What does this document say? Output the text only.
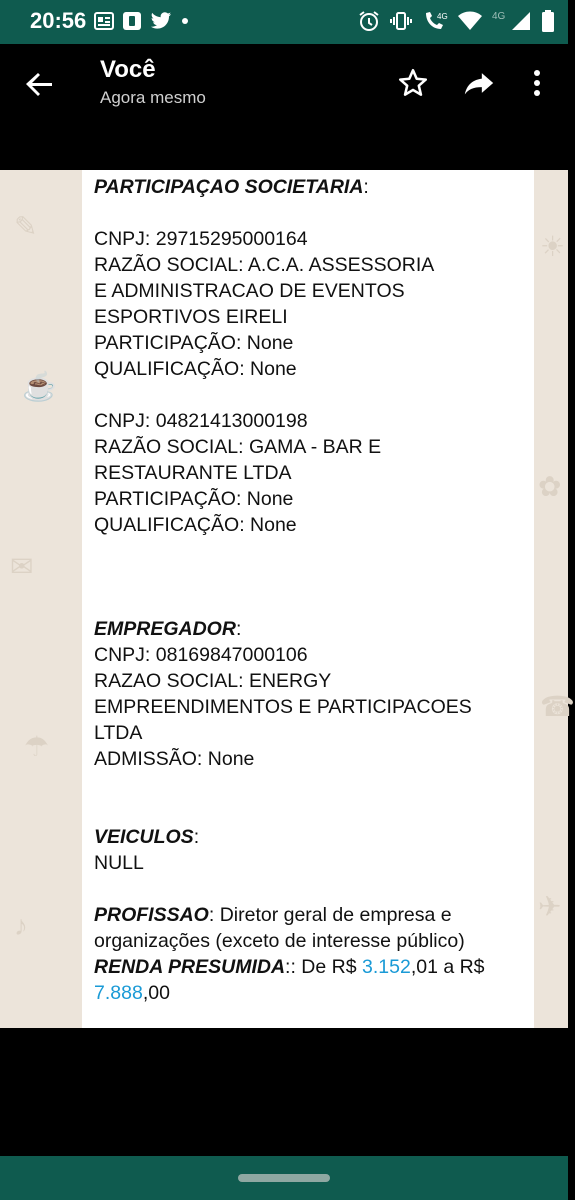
20:56	4G	4G
Você
Agora mesmo
✎
☕
✉
☂
♪
☀
✿
☎
✈
PARTICIPAÇAO SOCIETARIA:
CNPJ: 29715295000164
RAZÃO SOCIAL: A.C.A. ASSESSORIA
E ADMINISTRACAO DE EVENTOS
ESPORTIVOS EIRELI
PARTICIPAÇÃO: None
QUALIFICAÇÃO: None
CNPJ: 04821413000198
RAZÃO SOCIAL: GAMA - BAR E
RESTAURANTE LTDA
PARTICIPAÇÃO: None
QUALIFICAÇÃO: None
EMPREGADOR:
CNPJ: 08169847000106
RAZAO SOCIAL: ENERGY
EMPREENDIMENTOS E PARTICIPACOES
LTDA
ADMISSÃO: None
VEICULOS:
NULL
PROFISSAO: Diretor geral de empresa e
organizações (exceto de interesse público)
RENDA PRESUMIDA:: De R$ 3.152,01 a R$
7.888,00
